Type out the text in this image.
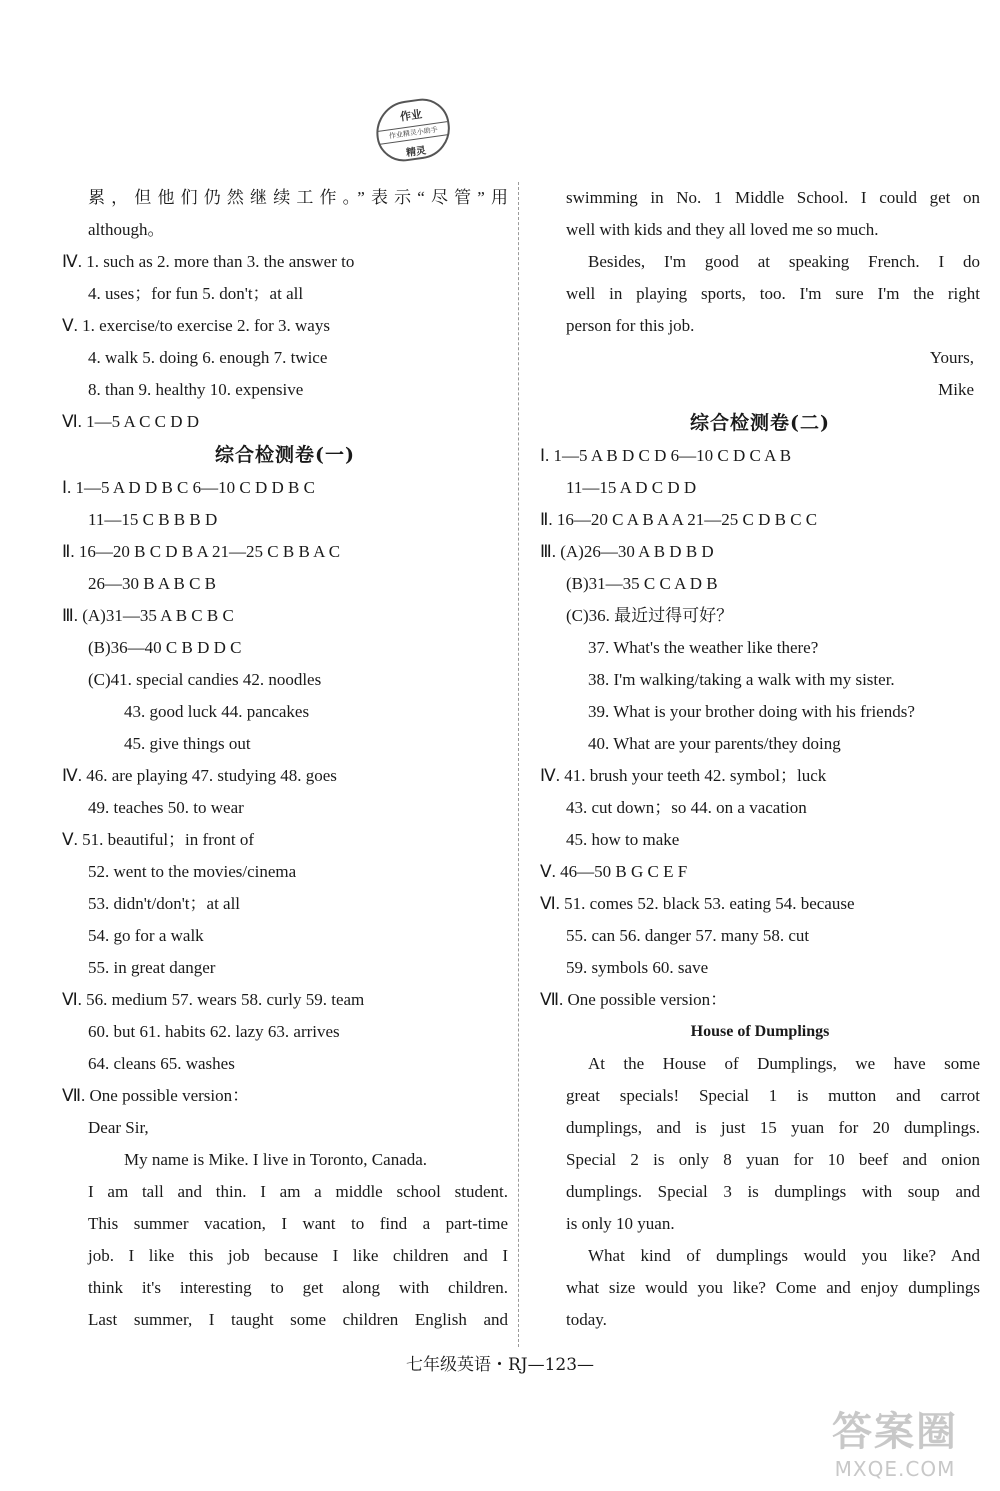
作业
作业精灵小助手
精灵
累，但他们仍然继续工作。”表示“尽管”用
although。
Ⅳ. 1. such as 2. more than 3. the answer to
4. uses；for fun 5. don't；at all
Ⅴ. 1. exercise/to exercise 2. for 3. ways
4. walk 5. doing 6. enough 7. twice
8. than 9. healthy 10. expensive
Ⅵ. 1—5 A C C D D
综合检测卷(一)
Ⅰ. 1—5 A D D B C 6—10 C D D B C
11—15 C B B B D
Ⅱ. 16—20 B C D B A 21—25 C B B A C
26—30 B A B C B
Ⅲ. (A)31—35 A B C B C
(B)36—40 C B D D C
(C)41. special candies 42. noodles
43. good luck 44. pancakes
45. give things out
Ⅳ. 46. are playing 47. studying 48. goes
49. teaches 50. to wear
Ⅴ. 51. beautiful；in front of
52. went to the movies/cinema
53. didn't/don't；at all
54. go for a walk
55. in great danger
Ⅵ. 56. medium 57. wears 58. curly 59. team
60. but 61. habits 62. lazy 63. arrives
64. cleans 65. washes
Ⅶ. One possible version：
Dear Sir,
My name is Mike. I live in Toronto, Canada.
I am tall and thin. I am a middle school student.
This summer vacation, I want to find a part-time
job. I like this job because I like children and I
think it's interesting to get along with children.
Last summer, I taught some children English and
swimming in No. 1 Middle School. I could get on
well with kids and they all loved me so much.
Besides, I'm good at speaking French. I do
well in playing sports, too. I'm sure I'm the right
person for this job.
Yours,
Mike
综合检测卷(二)
Ⅰ. 1—5 A B D C D 6—10 C D C A B
11—15 A D C D D
Ⅱ. 16—20 C A B A A 21—25 C D B C C
Ⅲ. (A)26—30 A B D B D
(B)31—35 C C A D B
(C)36. 最近过得可好？
37. What's the weather like there?
38. I'm walking/taking a walk with my sister.
39. What is your brother doing with his friends?
40. What are your parents/they doing
Ⅳ. 41. brush your teeth 42. symbol；luck
43. cut down；so 44. on a vacation
45. how to make
Ⅴ. 46—50 B G C E F
Ⅵ. 51. comes 52. black 53. eating 54. because
55. can 56. danger 57. many 58. cut
59. symbols 60. save
Ⅶ. One possible version：
House of Dumplings
At the House of Dumplings, we have some
great specials! Special 1 is mutton and carrot
dumplings, and is just 15 yuan for 20 dumplings.
Special 2 is only 8 yuan for 10 beef and onion
dumplings. Special 3 is dumplings with soup and
is only 10 yuan.
What kind of dumplings would you like? And
what size would you like? Come and enjoy dumplings
today.
七年级英语・RJ—123—
答案圈
MXQE.COM
